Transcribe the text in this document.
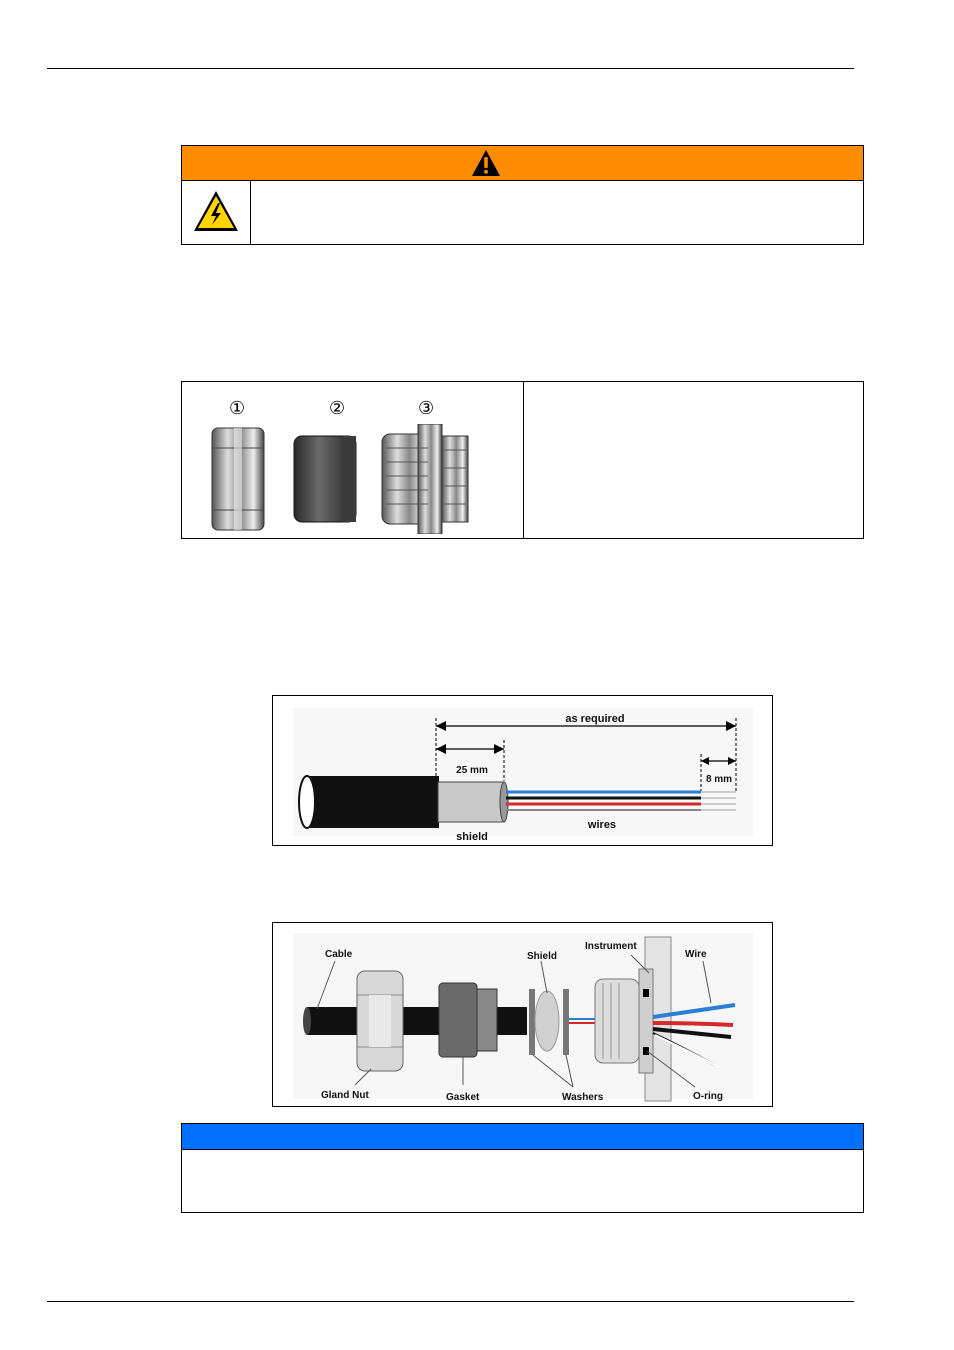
①	②	③
as required
25 mm
8 mm
shield
wires
Cable	Shield
Instrument
Wire
Gland Nut	Gasket	Washers	O-ring
